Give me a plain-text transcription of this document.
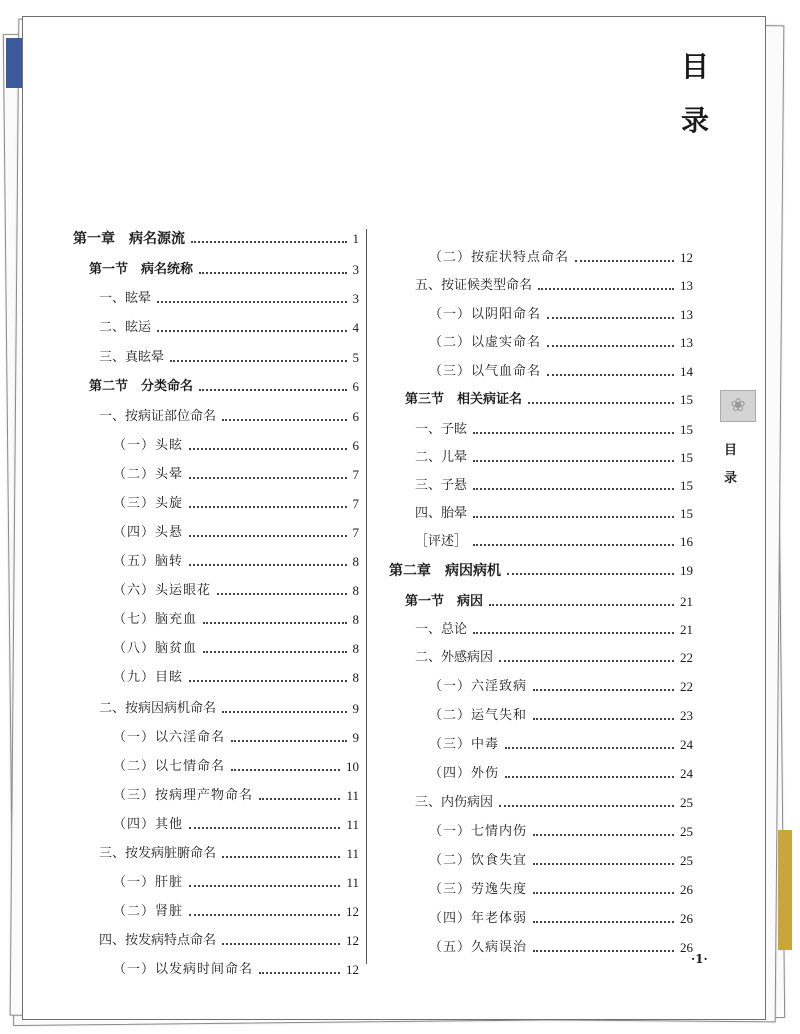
目
录
第一章　病名源流	1
第一节　病名统称	3
一、眩晕	3
二、眩运	4
三、真眩晕	5
第二节　分类命名	6
一、按病证部位命名	6
（一）头眩	6
（二）头晕	7
（三）头旋	7
（四）头悬	7
（五）脑转	8
（六）头运眼花	8
（七）脑充血	8
（八）脑贫血	8
（九）目眩	8
二、按病因病机命名	9
（一）以六淫命名	9
（二）以七情命名	10
（三）按病理产物命名	11
（四）其他	11
三、按发病脏腑命名	11
（一）肝脏	11
（二）肾脏	12
四、按发病特点命名	12
（一）以发病时间命名	12
（二）按症状特点命名	12
五、按证候类型命名	13
（一）以阴阳命名	13
（二）以虚实命名	13
（三）以气血命名	14
第三节　相关病证名	15
一、子眩	15
二、儿晕	15
三、子悬	15
四、胎晕	15
［评述］	16
第二章　病因病机	19
第一节　病因	21
一、总论	21
二、外感病因	22
（一）六淫致病	22
（二）运气失和	23
（三）中毒	24
（四）外伤	24
三、内伤病因	25
（一）七情内伤	25
（二）饮食失宜	25
（三）劳逸失度	26
（四）年老体弱	26
（五）久病误治	26
❀
目
录
·1·
